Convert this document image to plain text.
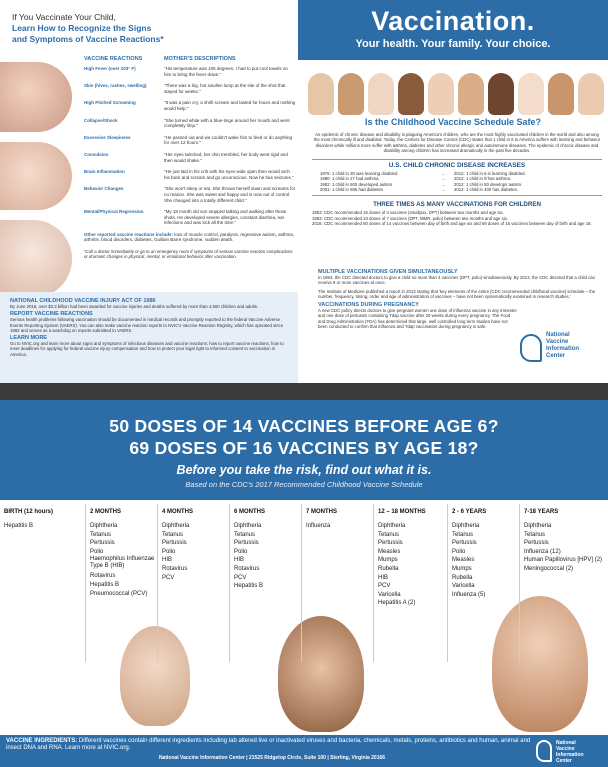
If You Vaccinate Your Child,
Learn How to Recognize the Signs
and Symptoms of Vaccine Reactions*
VACCINE REACTIONS	MOTHER'S DESCRIPTIONS
High Fever (over 103° F)	"His temperature was 105 degrees. I had to put cool towels on him to bring the fever down."
Skin (hives, rashes, swelling)	"There was a big, hot swollen lump at the site of the shot that stayed for weeks."
High Pitched Screaming	"It was a pain cry, a shrill scream and lasted for hours and nothing would help."
Collapse/Shock	"She turned white with a blue-tinge around her mouth and went completely limp."
Excessive Sleepiness	"He passed out and we couldn't wake him to feed or do anything for over 12 hours."
Convulsion	"Her eyes twitched, her chin trembled, her body went rigid and then would shake."
Brain Inflammation	"He just laid in his crib with his eyes wide open then would arch his back and scream and go unconscious. Now he has seizures."
Behavior Changes	"She won't sleep or eat. She throws herself down and screams for no reason. She was sweet and happy and is now out of control. She changed into a totally different child."
Mental/Physical Regression	"My 18 month old son stopped talking and walking after those shots. He developed severe allergies, constant diarrhea, ear infections and was sick all the time."
Other reported vaccine reactions include: loss of muscle control, paralysis, regressive autism, asthma, arthritis, blood disorders, diabetes, Guillain Barre syndrome, sudden death.
*Call a doctor immediately or go to an emergency room if symptoms of serious vaccine reaction complications or dramatic changes in physical, mental, or emotional behavior after vaccination.
NATIONAL CHILDHOOD VACCINE INJURY ACT OF 1986
By June 2016, over $3.3 billion had been awarded for vaccine injuries and deaths suffered by more than 4,500 children and adults.
REPORT VACCINE REACTIONS
Serious health problems following vaccination should be documented in medical records and promptly reported to the federal Vaccine Adverse Events Reporting System (VAERS). You can also make vaccine reaction reports to NVIC's Vaccine Reaction Registry, which has operated since 1982 and serves as a watchdog on reports submitted to VAERS.
LEARN MORE
Go to NVIC.org and learn more about signs and symptoms of infectious diseases and vaccine reactions; how to report vaccine reactions; how to meet deadlines for applying for federal vaccine injury compensation and how to protect your legal right to informed consent to vaccination in America.
Vaccination.
Your health. Your family. Your choice.
Is the Childhood Vaccine Schedule Safe?
An epidemic of chronic disease and disability is plaguing America's children, who are the most highly vaccinated children in the world and also among the most chronically ill and disabled. Today, the Centers for Disease Control (CDC) states that 1 child in 6 in America suffers with learning and behavior disorders while millions more suffer with asthma, diabetes and other chronic allergic and autoimmune diseases. The epidemic of chronic disease and disability among children has increased dramatically in the past five decades.
U.S. CHILD CHRONIC DISEASE INCREASES
1976: 1 child in 30 was learning disabled	→	2012: 1 child in 6 is learning disabled.
1980: 1 child in 27 had asthma	→	2012: 1 child in 9 has asthma.
1982: 1 child in 500 developed autism	→	2012: 1 child in 50 develops autism.
2001: 1 child in 555 had diabetes	→	2012: 1 child in 400 has diabetes.
THREE TIMES AS MANY VACCINATIONS FOR CHILDREN
1953: CDC recommended 16 doses of 4 vaccines (smallpox, DPT) between two months and age six.
1983: CDC recommended 23 doses of 7 vaccines (DPT, MMR, polio) between two months and age six.
2016: CDC recommended 50 doses of 14 vaccines between day of birth and age six and 69 doses of 16 vaccines between day of birth and age 18.
MULTIPLE VACCINATIONS GIVEN SIMULTANEOUSLY
In 1983, the CDC directed doctors to give a child no more than 4 vaccines (DPT, polio) simultaneously. By 2013, the CDC directed that a child can receive 8 or more vaccines at once.
The Institute of Medicine published a report in 2013 stating that 'key elements of the entire [CDC recommended childhood vaccine] schedule – the number, frequency, timing, order and age of administration of vaccines – have not been systematically examined in research studies.'
VACCINATIONS DURING PREGNANCY
A new CDC policy directs doctors to give pregnant women one dose of influenza vaccine in any trimester and one dose of pertussis containing Tdap vaccine after 20 weeks during every pregnancy. The Food and Drug Administration (FDA) has determined that large, well controlled long term studies have not been conducted to confirm that influenza and Tdap vaccination during pregnancy is safe.
National
Vaccine
Information
Center
50 DOSES OF 14 VACCINES BEFORE AGE 6?
69 DOSES OF 16 VACCINES BY AGE 18?
Before you take the risk, find out what it is.
Based on the CDC's 2017 Recommended Childhood Vaccine Schedule
BIRTH (12 hours)
Hepatitis B
2 MONTHS
Diphtheria
Tetanus
Pertussis
Polio
Haemophilus Influenzae Type B (HIB)
Rotavirus
Hepatitis B
Pneumococcal (PCV)
4 MONTHS
Diphtheria
Tetanus
Pertussis
Polio
HIB
Rotavirus
PCV
6 MONTHS
Diphtheria
Tetanus
Pertussis
Polio
HIB
Rotavirus
PCV
Hepatitis B
7 MONTHS
Influenza
12 – 18 MONTHS
Diphtheria
Tetanus
Pertussis
Measles
Mumps
Rubella
HIB
PCV
Varicella
Hepatitis A (2)
2 - 6 YEARS
Diphtheria
Tetanus
Pertussis
Polio
Measles
Mumps
Rubella
Varicella
Influenza (5)
7-18 YEARS
Diphtheria
Tetanus
Pertussis
Influenza (12)
Human Papillovirus [HPV] (2)
Meningococcal (2)
VACCINE INGREDIENTS: Different vaccines contain different ingredients including lab altered live or inactivated viruses and bacteria, chemicals, metals, proteins, antibiotics and human, animal and insect DNA and RNA. Learn more at NVIC.org.
National Vaccine Information Center | 21525 Ridgetop Circle, Suite 100 | Sterling, Virginia 20166
National
Vaccine
Information
Center
